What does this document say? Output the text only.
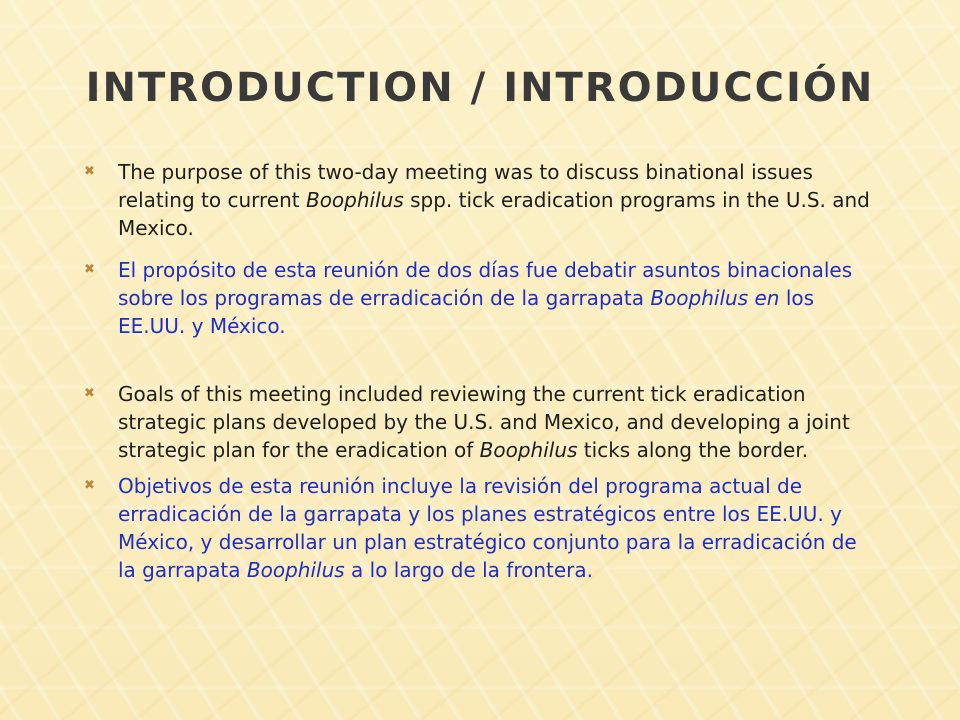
INTRODUCTION / INTRODUCCIÓN

✖ The purpose of this two-day meeting was to discuss binational issues relating to current Boophilus spp. tick eradication programs in the U.S. and Mexico.

✖ El propósito de esta reunión de dos días fue debatir asuntos binacionales sobre los programas de erradicación de la garrapata Boophilus en los EE.UU. y México.

✖ Goals of this meeting included reviewing the current tick eradication strategic plans developed by the U.S. and Mexico, and developing a joint strategic plan for the eradication of Boophilus ticks along the border.

✖ Objetivos de esta reunión incluye la revisión del programa actual de erradicación de la garrapata y los planes estratégicos entre los EE.UU. y México, y desarrollar un plan estratégico conjunto para la erradicación de la garrapata Boophilus a lo largo de la frontera.
